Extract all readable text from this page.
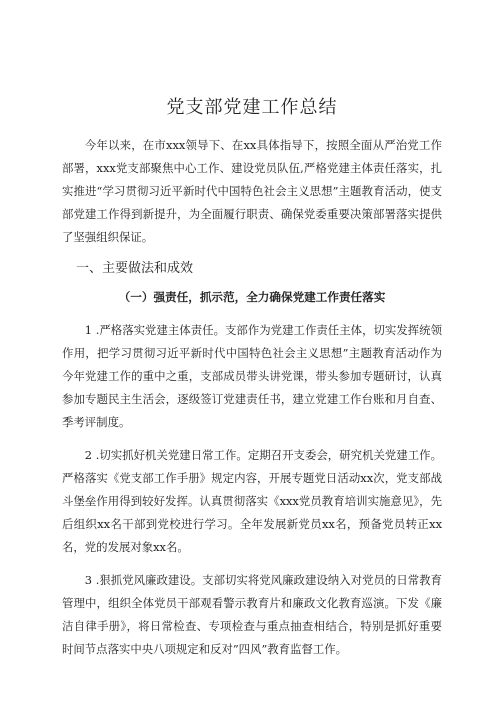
党支部党建工作总结

今年以来，在市xxx领导下、在xx具体指导下，按照全面从严治党工作部署，xxx党支部聚焦中心工作、建设党员队伍,严格党建主体责任落实，扎实推进“学习贯彻习近平新时代中国特色社会主义思想”主题教育活动，使支部党建工作得到新提升，为全面履行职责、确保党委重要决策部署落实提供了坚强组织保证。

一、主要做法和成效
（一）强责任，抓示范，全力确保党建工作责任落实

1 .严格落实党建主体责任。支部作为党建工作责任主体，切实发挥统领作用，把学习贯彻习近平新时代中国特色社会主义思想”主题教育活动作为今年党建工作的重中之重，支部成员带头讲党课，带头参加专题研讨，认真参加专题民主生活会，逐级签订党建责任书，建立党建工作台账和月自查、季考评制度。

2 .切实抓好机关党建日常工作。定期召开支委会，研究机关党建工作。严格落实《党支部工作手册》规定内容，开展专题党日活动xx次，党支部战斗堡垒作用得到较好发挥。认真贯彻落实《xxx党员教育培训实施意见》，先后组织xx名干部到党校进行学习。全年发展新党员xx名，预备党员转正xx名，党的发展对象xx名。

3 .狠抓党风廉政建设。支部切实将党风廉政建设纳入对党员的日常教育管理中，组织全体党员干部观看警示教育片和廉政文化教育巡演。下发《廉洁自律手册》，将日常检查、专项检查与重点抽查相结合，特别是抓好重要时间节点落实中央八项规定和反对”四风”教育监督工作。
